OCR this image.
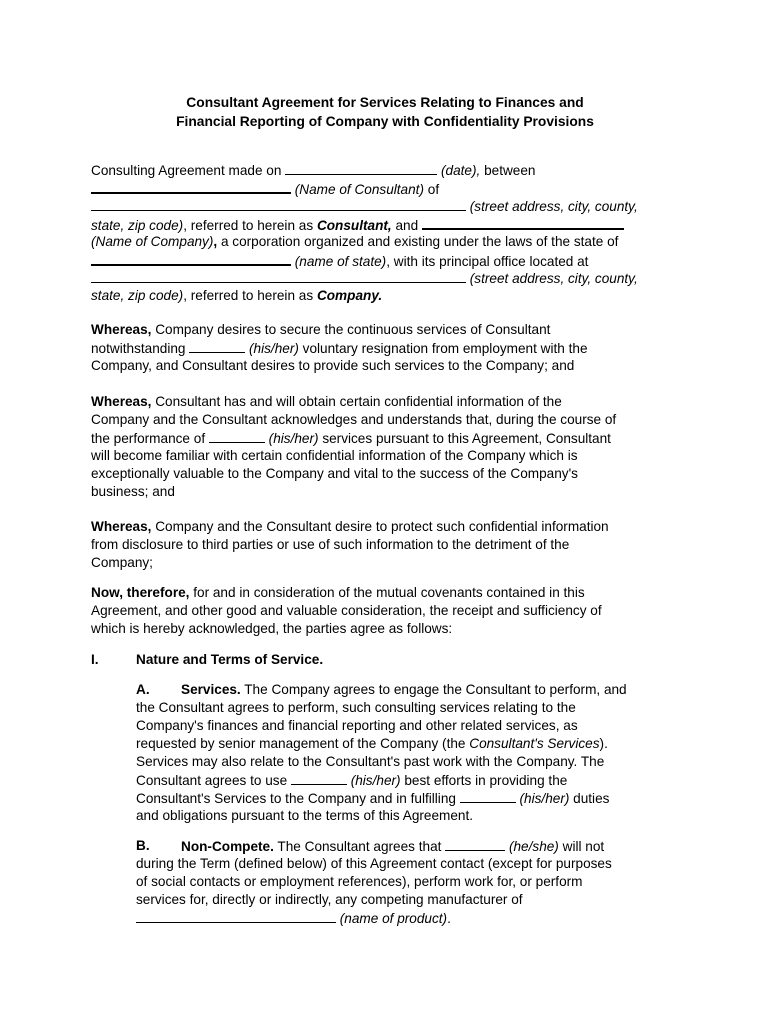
Consultant Agreement for Services Relating to Finances and
Financial Reporting of Company with Confidentiality Provisions
Consulting Agreement made on	(date), between
(Name of Consultant) of
(street address, city, county,
state, zip code), referred to herein as Consultant, and
(Name of Company), a corporation organized and existing under the laws of the state of
(name of state), with its principal office located at
(street address, city, county,
state, zip code), referred to herein as Company.
Whereas, Company desires to secure the continuous services of Consultant
notwithstanding	(his/her) voluntary resignation from employment with the
Company, and Consultant desires to provide such services to the Company; and
Whereas, Consultant has and will obtain certain confidential information of the
Company and the Consultant acknowledges and understands that, during the course of
the performance of	(his/her) services pursuant to this Agreement, Consultant
will become familiar with certain confidential information of the Company which is
exceptionally valuable to the Company and vital to the success of the Company's
business; and
Whereas, Company and the Consultant desire to protect such confidential information
from disclosure to third parties or use of such information to the detriment of the
Company;
Now, therefore, for and in consideration of the mutual covenants contained in this
Agreement, and other good and valuable consideration, the receipt and sufficiency of
which is hereby acknowledged, the parties agree as follows:
I.	Nature and Terms of Service.
A. Services. The Company agrees to engage the Consultant to perform, and
the Consultant agrees to perform, such consulting services relating to the
Company's finances and financial reporting and other related services, as
requested by senior management of the Company (the Consultant's Services).
Services may also relate to the Consultant's past work with the Company. The
Consultant agrees to use	(his/her) best efforts in providing the
Consultant's Services to the Company and in fulfilling	(his/her) duties
and obligations pursuant to the terms of this Agreement.
B. Non-Compete. The Consultant agrees that	(he/she) will not
during the Term (defined below) of this Agreement contact (except for purposes
of social contacts or employment references), perform work for, or perform
services for, directly or indirectly, any competing manufacturer of
(name of product).
